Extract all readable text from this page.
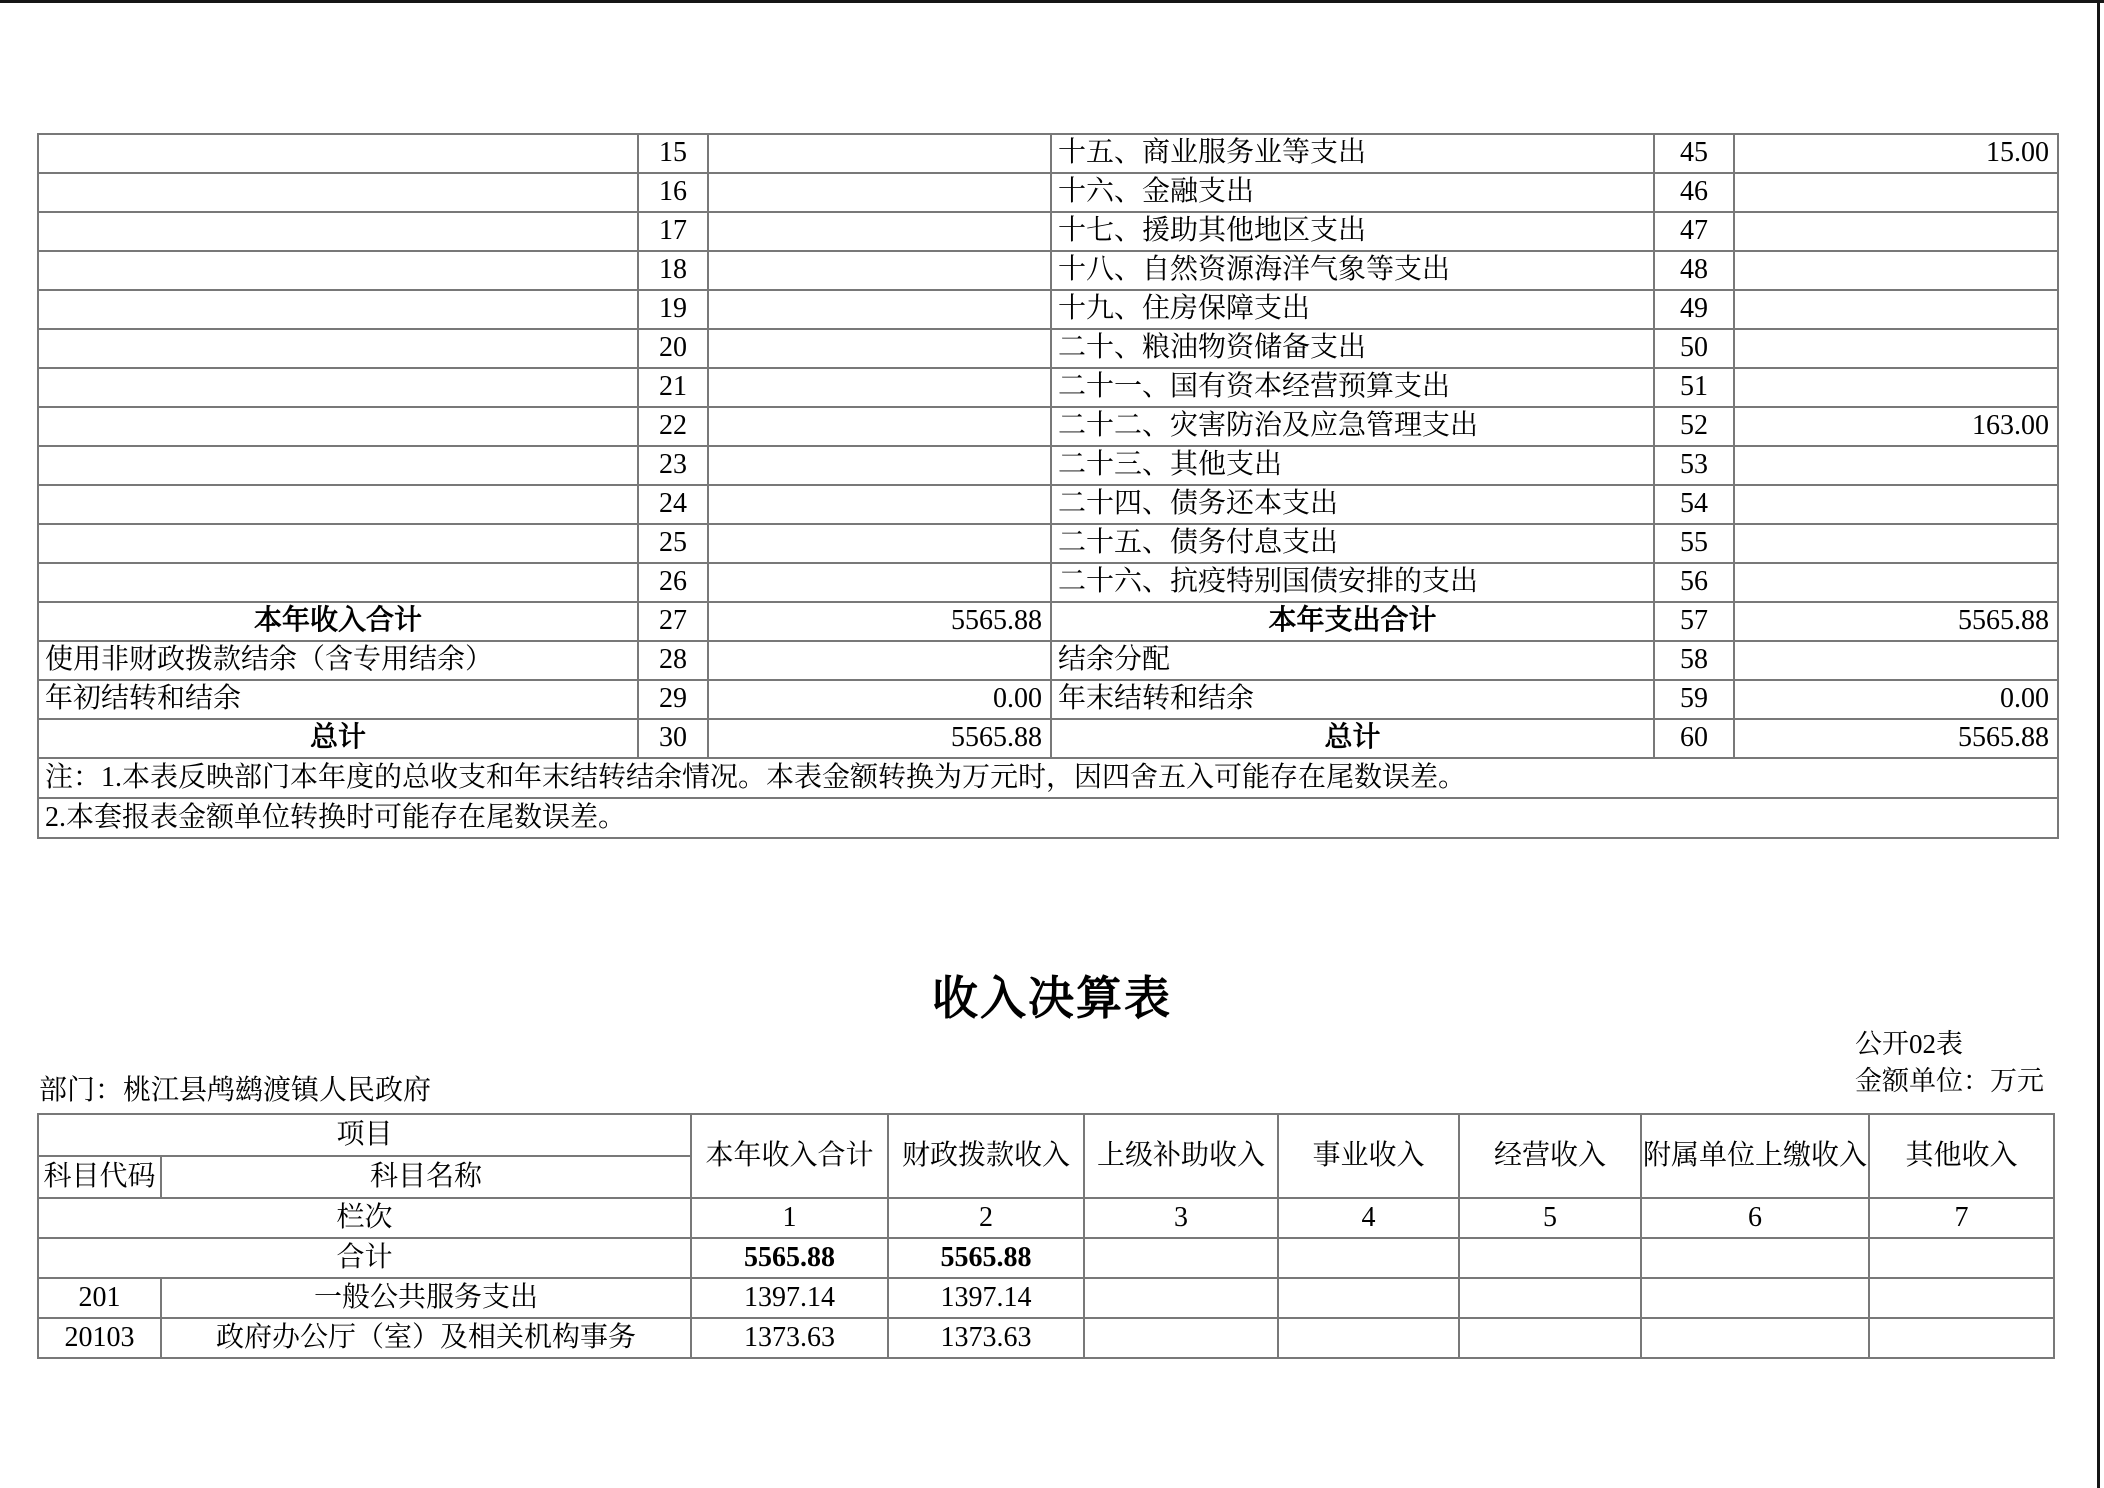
	15		十五、商业服务业等支出	45	15.00
	16		十六、金融支出	46	
	17		十七、援助其他地区支出	47	
	18		十八、自然资源海洋气象等支出	48	
	19		十九、住房保障支出	49	
	20		二十、粮油物资储备支出	50	
	21		二十一、国有资本经营预算支出	51	
	22		二十二、灾害防治及应急管理支出	52	163.00
	23		二十三、其他支出	53	
	24		二十四、债务还本支出	54	
	25		二十五、债务付息支出	55	
	26		二十六、抗疫特别国债安排的支出	56	
本年收入合计	27	5565.88	本年支出合计	57	5565.88
使用非财政拨款结余（含专用结余）	28		结余分配	58	
年初结转和结余	29	0.00	年末结转和结余	59	0.00
总计	30	5565.88	总计	60	5565.88
注：1.本表反映部门本年度的总收支和年末结转结余情况。本表金额转换为万元时，因四舍五入可能存在尾数误差。					
2.本套报表金额单位转换时可能存在尾数误差。					
收入决算表
公开02表
金额单位：万元
部门：桃江县鸬鹚渡镇人民政府
项目		本年收入合计	财政拨款收入	上级补助收入	事业收入	经营收入	附属单位上缴收入	其他收入
科目代码	科目名称							
栏次		1	2	3	4	5	6	7
合计		5565.88	5565.88					
201	一般公共服务支出	1397.14	1397.14					
20103	政府办公厅（室）及相关机构事务	1373.63	1373.63					
